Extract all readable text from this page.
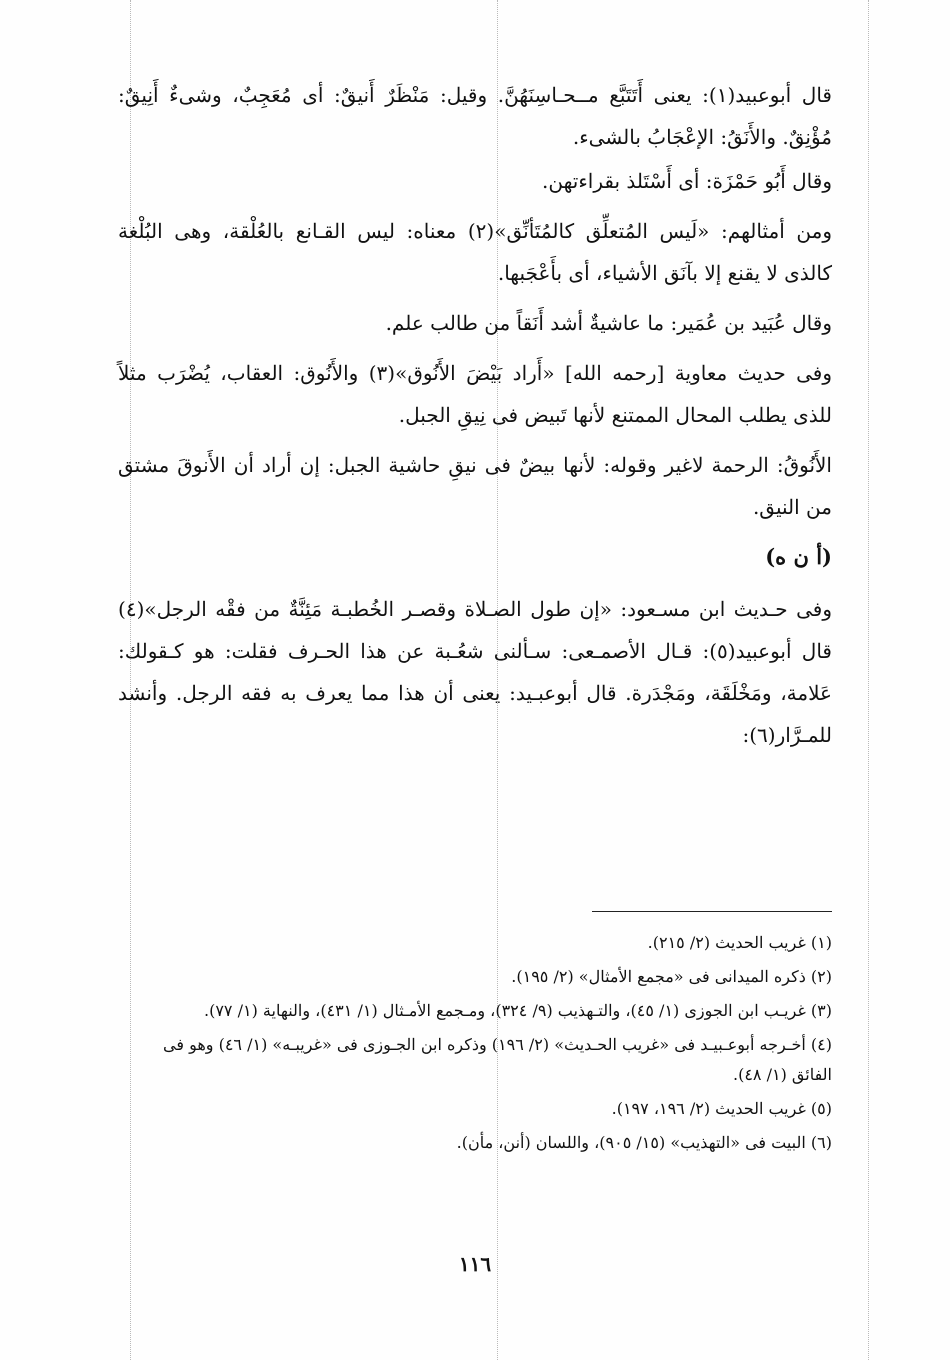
قال أبوعبيد(١): يعنى أَتَتَبَّع مــحـاسِنَهُنَّ. وقيل: مَنْظَرٌ أَنيقٌ: أى مُعَجِبٌ، وشىءٌ أَنِيقٌ: مُؤْنِقٌ. والأَنَقُ: الإعْجَابُ بالشىء.

وقال أَبُو حَمْزَة: أى أَسْتَلذ بقراءتهن.

ومن أمثالهم: «لَيس المُتعلِّق كالمُتَأنِّق»(٢) معناه: ليس القـانع بالعُلْقة، وهى البُلْغة كالذى لا يقنع إلا بآنَق الأشياء، أى بأَعْجَبها.

وقال عُبَيد بن عُمَير: ما عاشيةٌ أشد أَنَقاً من طالب علم.

وفى حديث معاوية [رحمه الله] «أَراد بَيْضَ الأَنُوق»(٣) والأَنُوق: العقاب، يُضْرَب مثلاً للذى يطلب المحال الممتنع لأنها تَبيض فى نِيقِ الجبل.

الأَنُوقُ: الرحمة لاغير وقوله: لأنها بيضٌ فى نيقِ حاشية الجبل: إن أراد أن الأَنوقَ مشتق من النيق.

(أ ن ه)

وفى حـديث ابن مسـعود: «إن طول الصـلاة وقصـر الخُطبـة مَئِنَّةٌ من فقْه الرجل»(٤) قال أبوعبيد(٥): قـال الأصمـعى: سـألنى شعُـبة عن هذا الحـرف فقلت: هو كـقولك: عَلامة، ومَخْلَقَة، ومَجْدَرة. قال أبوعبـيد: يعنى أن هذا مما يعرف به فقه الرجل. وأنشد للمـرَّار(٦):

(١) غريب الحديث (٢/ ٢١٥).

(٢) ذكره الميدانى فى «مجمع الأمثال» (٢/ ١٩٥).

(٣) غريـب ابن الجوزى (١/ ٤٥)، والتـهذيب (٩/ ٣٢٤)، ومـجمع الأمـثال (١/ ٤٣١)، والنهاية (١/ ٧٧).

(٤) أخـرجه أبوعـبيـد فى «غريب الحـديث» (٢/ ١٩٦) وذكره ابن الجـوزى فى «غريبـه» (١/ ٤٦) وهو فى الفائق (١/ ٤٨).

(٥) غريب الحديث (٢/ ١٩٦، ١٩٧).

(٦) البيت فى «التهذيب» (١٥/ ٩٠٥)، واللسان (أنن، مأن).

١١٦
